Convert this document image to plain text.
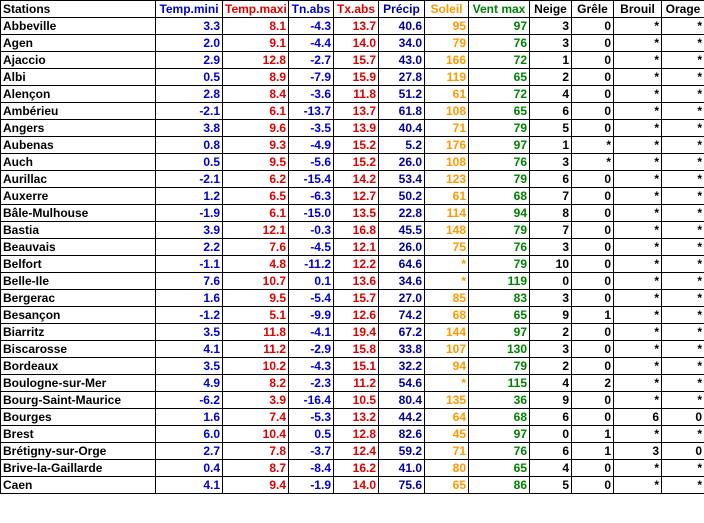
Stations	Temp.mini	Temp.maxi	Tn.abs	Tx.abs	Précip	Soleil	Vent max	Neige	Grêle	Brouil	Orage
Abbeville	3.3	8.1	-4.3	13.7	40.6	95	97	3	0	*	*
Agen	2.0	9.1	-4.4	14.0	34.0	79	76	3	0	*	*
Ajaccio	2.9	12.8	-2.7	15.7	43.0	166	72	1	0	*	*
Albi	0.5	8.9	-7.9	15.9	27.8	119	65	2	0	*	*
Alençon	2.8	8.4	-3.6	11.8	51.2	61	72	4	0	*	*
Ambérieu	-2.1	6.1	-13.7	13.7	61.8	108	65	6	0	*	*
Angers	3.8	9.6	-3.5	13.9	40.4	71	79	5	0	*	*
Aubenas	0.8	9.3	-4.9	15.2	5.2	176	97	1	*	*	*
Auch	0.5	9.5	-5.6	15.2	26.0	108	76	3	*	*	*
Aurillac	-2.1	6.2	-15.4	14.2	53.4	123	79	6	0	*	*
Auxerre	1.2	6.5	-6.3	12.7	50.2	61	68	7	0	*	*
Bâle-Mulhouse	-1.9	6.1	-15.0	13.5	22.8	114	94	8	0	*	*
Bastia	3.9	12.1	-0.3	16.8	45.5	148	79	7	0	*	*
Beauvais	2.2	7.6	-4.5	12.1	26.0	75	76	3	0	*	*
Belfort	-1.1	4.8	-11.2	12.2	64.6	*	79	10	0	*	*
Belle-Ile	7.6	10.7	0.1	13.6	34.6	*	119	0	0	*	*
Bergerac	1.6	9.5	-5.4	15.7	27.0	85	83	3	0	*	*
Besançon	-1.2	5.1	-9.9	12.6	74.2	68	65	9	1	*	*
Biarritz	3.5	11.8	-4.1	19.4	67.2	144	97	2	0	*	*
Biscarosse	4.1	11.2	-2.9	15.8	33.8	107	130	3	0	*	*
Bordeaux	3.5	10.2	-4.3	15.1	32.2	94	79	2	0	*	*
Boulogne-sur-Mer	4.9	8.2	-2.3	11.2	54.6	*	115	4	2	*	*
Bourg-Saint-Maurice	-6.2	3.9	-16.4	10.5	80.4	135	36	9	0	*	*
Bourges	1.6	7.4	-5.3	13.2	44.2	64	68	6	0	6	0
Brest	6.0	10.4	0.5	12.8	82.6	45	97	0	1	*	*
Brétigny-sur-Orge	2.7	7.8	-3.7	12.4	59.2	71	76	6	1	3	0
Brive-la-Gaillarde	0.4	8.7	-8.4	16.2	41.0	80	65	4	0	*	*
Caen	4.1	9.4	-1.9	14.0	75.6	65	86	5	0	*	*
